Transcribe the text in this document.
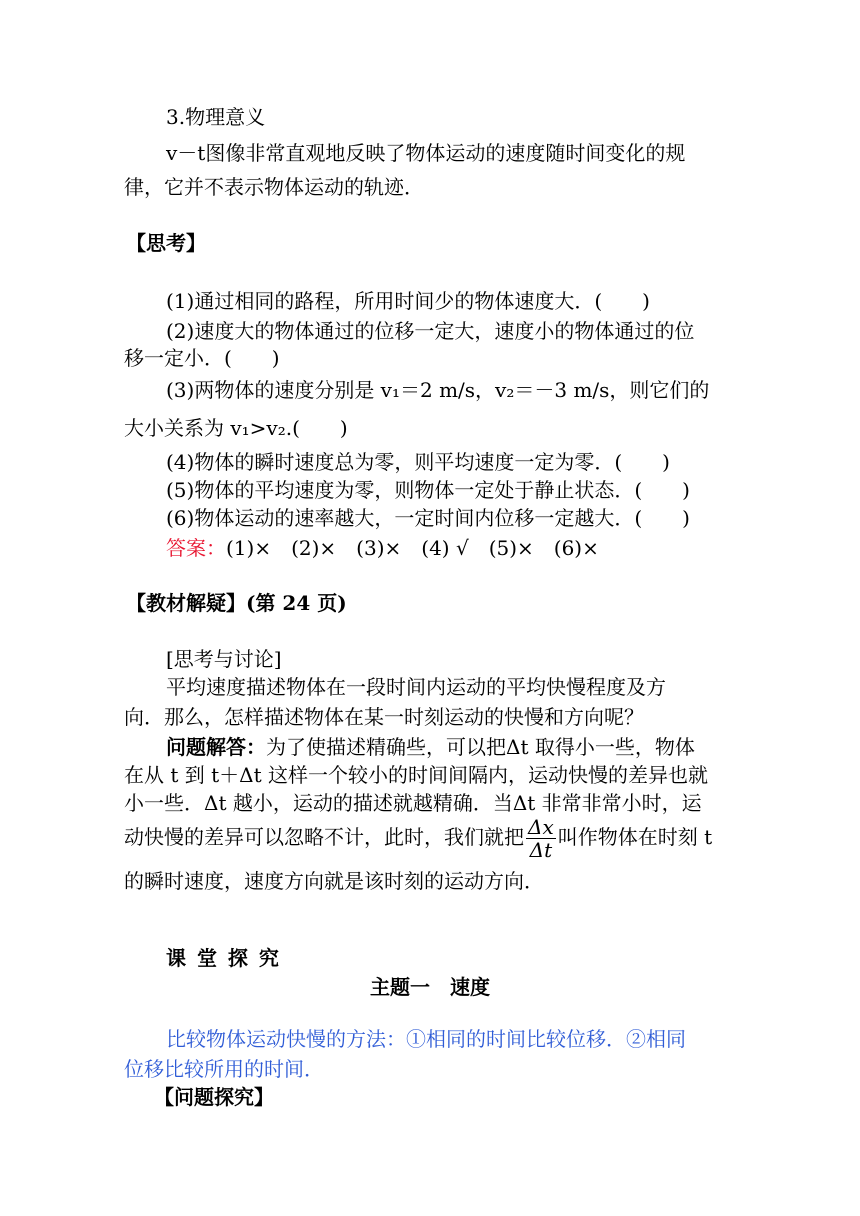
3.物理意义
v－t图像非常直观地反映了物体运动的速度随时间变化的规
律，它并不表示物体运动的轨迹．
【思考】
(1)通过相同的路程，所用时间少的物体速度大．(　　)
(2)速度大的物体通过的位移一定大，速度小的物体通过的位
移一定小．(　　)
(3)两物体的速度分别是 v₁＝2 m/s，v₂＝－3 m/s，则它们的
大小关系为 v₁>v₂.(　　)
(4)物体的瞬时速度总为零，则平均速度一定为零．(　　)
(5)物体的平均速度为零，则物体一定处于静止状态．(　　)
(6)物体运动的速率越大，一定时间内位移一定越大．(　　)
答案：(1)×　(2)×　(3)×　(4) √　(5)×　(6)×
【教材解疑】(第 24 页)
[思考与讨论]
平均速度描述物体在一段时间内运动的平均快慢程度及方
向．那么，怎样描述物体在某一时刻运动的快慢和方向呢？
问题解答：为了使描述精确些，可以把Δt 取得小一些，物体
在从 t 到 t＋Δt 这样一个较小的时间间隔内，运动快慢的差异也就
小一些．Δt 越小，运动的描述就越精确．当Δt 非常非常小时，运
动快慢的差异可以忽略不计，此时，我们就把 $\frac{\Delta x}{\Delta t}$ 叫作物体在时刻 t
的瞬时速度，速度方向就是该时刻的运动方向．
课 堂 探 究
主题一　速度
比较物体运动快慢的方法：①相同的时间比较位移．②相同
位移比较所用的时间．
【问题探究】
